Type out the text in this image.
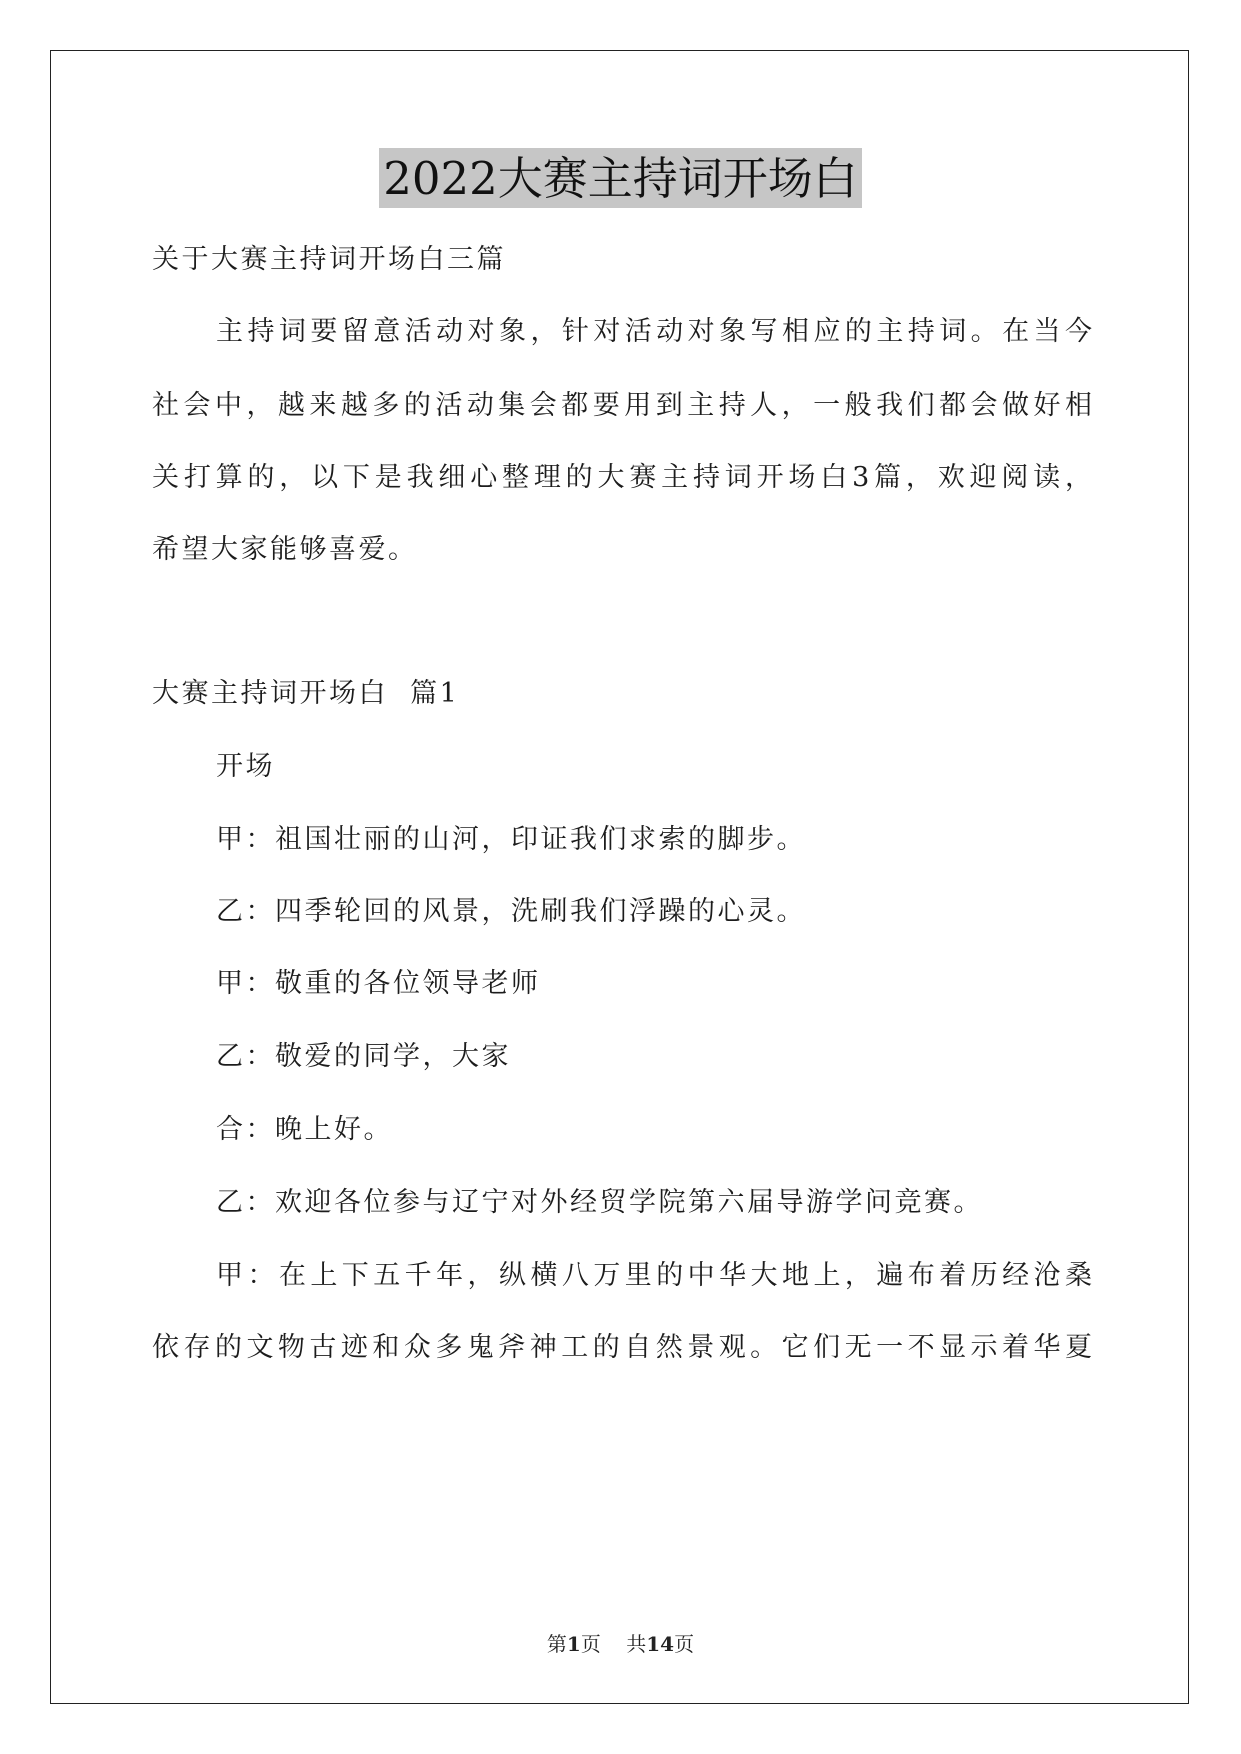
2022大赛主持词开场白
关于大赛主持词开场白三篇
主持词要留意活动对象，针对活动对象写相应的主持词。在当今
社会中，越来越多的活动集会都要用到主持人，一般我们都会做好相
关打算的，以下是我细心整理的大赛主持词开场白3篇，欢迎阅读，
希望大家能够喜爱。
大赛主持词开场白  篇1
开场
甲：祖国壮丽的山河，印证我们求索的脚步。
乙：四季轮回的风景，洗刷我们浮躁的心灵。
甲：敬重的各位领导老师
乙：敬爱的同学，大家
合：晚上好。
乙：欢迎各位参与辽宁对外经贸学院第六届导游学问竞赛。
甲：在上下五千年，纵横八万里的中华大地上，遍布着历经沧桑
依存的文物古迹和众多鬼斧神工的自然景观。它们无一不显示着华夏
第1页    共14页
